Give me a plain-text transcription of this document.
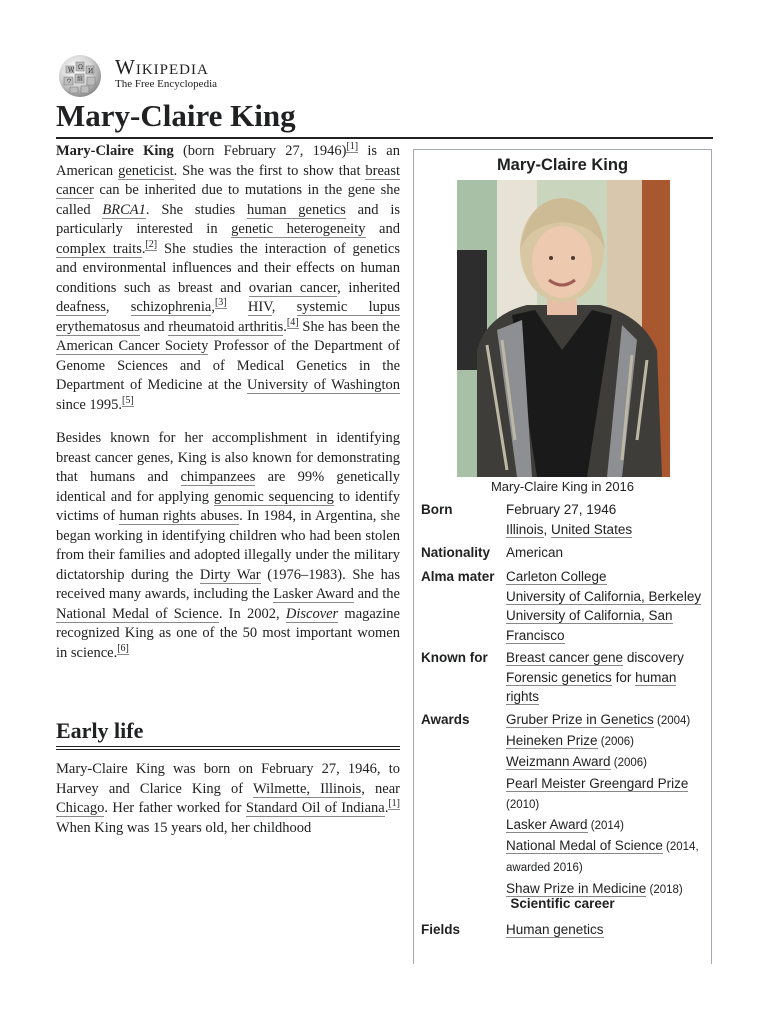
W Ω
И
ウ 維
Wikipedia
The Free Encyclopedia
Mary-Claire King

Mary-Claire King (born February 27, 1946)[1] is an American geneticist. She was the first to show that breast cancer can be inherited due to mutations in the gene she called BRCA1. She studies human genetics and is particularly interested in genetic heterogeneity and complex traits.[2] She studies the interaction of genetics and environmental influences and their effects on human conditions such as breast and ovarian cancer, inherited deafness, schizophrenia,[3] HIV, systemic lupus erythematosus and rheumatoid arthritis.[4] She has been the American Cancer Society Professor of the Department of Genome Sciences and of Medical Genetics in the Department of Medicine at the University of Washington since 1995.[5]

Besides known for her accomplishment in identifying breast cancer genes, King is also known for demonstrating that humans and chimpanzees are 99% genetically identical and for applying genomic sequencing to identify victims of human rights abuses. In 1984, in Argentina, she began working in identifying children who had been stolen from their families and adopted illegally under the military dictatorship during the Dirty War (1976–1983). She has received many awards, including the Lasker Award and the National Medal of Science. In 2002, Discover magazine recognized King as one of the 50 most important women in science.[6]

Early life

Mary-Claire King was born on February 27, 1946, to Harvey and Clarice King of Wilmette, Illinois, near Chicago. Her father worked for Standard Oil of Indiana.[1] When King was 15 years old, her childhood

Mary-Claire King
Mary-Claire King in 2016
Born	February 27, 1946
Illinois, United States
Nationality	American
Alma mater Carleton College
University of California, Berkeley
University of California, San
Francisco
Known for	Breast cancer gene discovery
Forensic genetics for human
rights
Awards	Gruber Prize in Genetics (2004)
Heineken Prize (2006)
Weizmann Award (2006)
Pearl Meister Greengard Prize
(2010)
Lasker Award (2014)
National Medal of Science (2014,
awarded 2016)
Shaw Prize in Medicine (2018)
Scientific career
Fields	Human genetics
